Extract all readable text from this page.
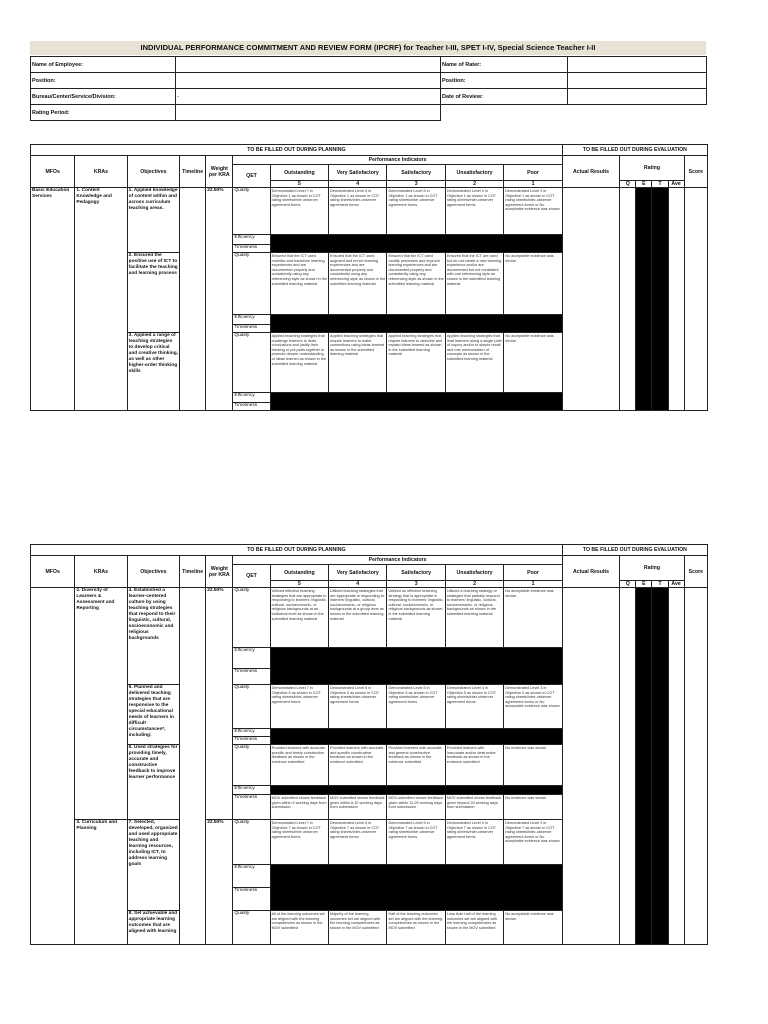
INDIVIDUAL PERFORMANCE COMMITMENT AND REVIEW FORM (IPCRF) for Teacher I-III, SPET I-IV, Special Science Teacher I-II
Name of Employee:		Name of Rater:	
Position:		Position:	
Bureau/Center/Service/Division:	-	Date of Review:	
Rating Period:			
TO BE FILLED OUT DURING PLANNING											TO BE FILLED OUT DURING EVALUATION					
MFOs	KRAs	Objectives	Timeline	Weight per KRA	Performance Indicators						Actual Results	Rating				Score
					QET	Outstanding	Very Satisfactory	Satisfactory	Unsatisfactory	Poor						
						5	4	3	2	1		Q	E	T	Ave	
Basic Education Services	1. Content Knowledge and Pedagogy	1. Applied knowledge of content within and across curriculum teaching areas.		22.50%	Quality	Demonstrated Level 7 in Objective 1 as shown in COT rating sheets/inter-observer agreement forms	Demonstrated Level 6 in Objective 1 as shown in COT rating sheets/inter-observer agreement forms	Demonstrated Level 5 in Objective 1 as shown in COT rating sheets/inter-observer agreement forms	Demonstrated Level 4 in Objective 1 as shown in COT rating sheets/inter-observer agreement forms	Demonstrated Level 3 in Objective 1 as shown in COT rating sheets/inter-observer agreement forms or No acceptable evidence was shown						
					Efficiency											
					Timeliness											
		2. Ensured the positive use of ICT to facilitate the teaching and learning process			Quality	Ensured that the ICT used mobilise and transform learning experiences and are documented properly and consistently using any referencing style as shown in the submitted learning material	Ensured that the ICT used augment and enrich learning experiences and are documented properly and consistently using any referencing style as shown in the submitted learning material	Ensured that the ICT used modify processes and improve learning experiences and are documented properly and consistently using any referencing style as shown in the submitted learning material	Ensured that the ICT are used but do not create a new learning experience and/or are documented but not consistent with one referencing style as shown in the submitted learning material	No acceptable evidence was shown						
					Efficiency											
					Timeliness											
		3. Applied a range of teaching strategies to develop critical and creative thinking, as well as other higher-order thinking skills			Quality	Applied teaching strategies that challenge learners to draw conclusions and justify their thinking or put parts together to promote deeper understanding of ideas learned as shown in the submitted learning material	Applied teaching strategies that require learners to make connections using ideas learned as shown in the submitted learning material	Applied teaching strategies that require learners to describe and explain ideas learned as shown in the submitted learning material	Applied teaching strategies that lead learners along a single path of inquiry and/or to simple recall and rote memorization of concepts as shown in the submitted learning material	No acceptable evidence was shown						
					Efficiency											
					Timeliness											
TO BE FILLED OUT DURING PLANNING											TO BE FILLED OUT DURING EVALUATION					
MFOs	KRAs	Objectives	Timeline	Weight per KRA	Performance Indicators						Actual Results	Rating				Score
					QET	Outstanding	Very Satisfactory	Satisfactory	Unsatisfactory	Poor						
						5	4	3	2	1		Q	E	T	Ave	
	2. Diversity of Learners & Assessment and Reporting	4. Established a learner-centered culture by using teaching strategies that respond to their linguistic, cultural, socioeconomic and religious backgrounds		22.50%	Quality	Utilized effective teaching strategies that are appropriate in responding to learners' linguistic, cultural, socioeconomic, or religious backgrounds at an individual level as shown in the submitted learning material	Utilized teaching strategies that are appropriate in responding to learners' linguistic, cultural, socioeconomic, or religious backgrounds at a group level as shown in the submitted learning material	Utilized an effective teaching strategy that is appropriate in responding to learners' linguistic, cultural, socioeconomic, or religious backgrounds as shown in the submitted learning material	Utilized a teaching strategy or strategies that partially respond to learners' linguistic, cultural, socioeconomic, or religious backgrounds as shown in the submitted learning material	No acceptable evidence was shown						
					Efficiency											
					Timeliness											
		5. Planned and delivered teaching strategies that are responsive to the special educational needs of learners in difficult circumstances*, including:			Quality	Demonstrated Level 7 in Objective 5 as shown in COT rating sheets/inter-observer agreement forms	Demonstrated Level 6 in Objective 5 as shown in COT rating sheets/inter-observer agreement forms	Demonstrated Level 5 in Objective 5 as shown in COT rating sheets/inter-observer agreement forms	Demonstrated Level 4 in Objective 5 as shown in COT rating sheets/inter-observer agreement forms	Demonstrated Level 3 in Objective 5 as shown in COT rating sheets/inter-observer agreement forms or No acceptable evidence was shown						
					Efficiency											
					Timeliness											
		6. Used strategies for providing timely, accurate and constructive feedback to improve learner performance			Quality	Provided learners with accurate, specific and timely constructive feedback as shown in the evidence submitted	Provided learners with accurate, and specific constructive feedback as shown in the evidence submitted	Provided learners with accurate, and general constructive feedback as shown in the evidence submitted	Provided learners with inaccurate and/or destructive feedback as shown in the evidence submitted	No evidence was shown						
					Efficiency											
					Timeliness	MOV submitted shows feedback given within 5 working days from submission	MOV submitted shows feedback given within 6-10 working days from submission	MOV submitted shows feedback given within 11-20 working days from submission	MOV submitted shows feedback given beyond 20 working days from submission	No evidence was shown						
	3. Curriculum and Planning	7. Selected, developed, organized and used appropriate teaching and learning resources, including ICT, to address learning goals		22.50%	Quality	Demonstrated Level 7 in Objective 7 as shown in COT rating sheets/inter-observer agreement forms	Demonstrated Level 6 in Objective 7 as shown in COT rating sheets/inter-observer agreement forms	Demonstrated Level 5 in Objective 7 as shown in COT rating sheets/inter-observer agreement forms	Demonstrated Level 4 in Objective 7 as shown in COT rating sheets/inter-observer agreement forms	Demonstrated Level 3 in Objective 7 as shown in COT rating sheets/inter-observer agreement forms or No acceptable evidence was shown						
					Efficiency											
					Timeliness											
		8. Set achievable and appropriate learning outcomes that are aligned with learning			Quality	All of the learning outcomes set are aligned with the learning competencies as shown in the MOV submitted	Majority of the learning outcomes set are aligned with the learning competencies as shown in the MOV submitted	Half of the learning outcomes set are aligned with the learning competencies as shown in the MOV submitted	Less than half of the learning outcomes set are aligned with the learning competencies as shown in the MOV submitted	No acceptable evidence was shown						
